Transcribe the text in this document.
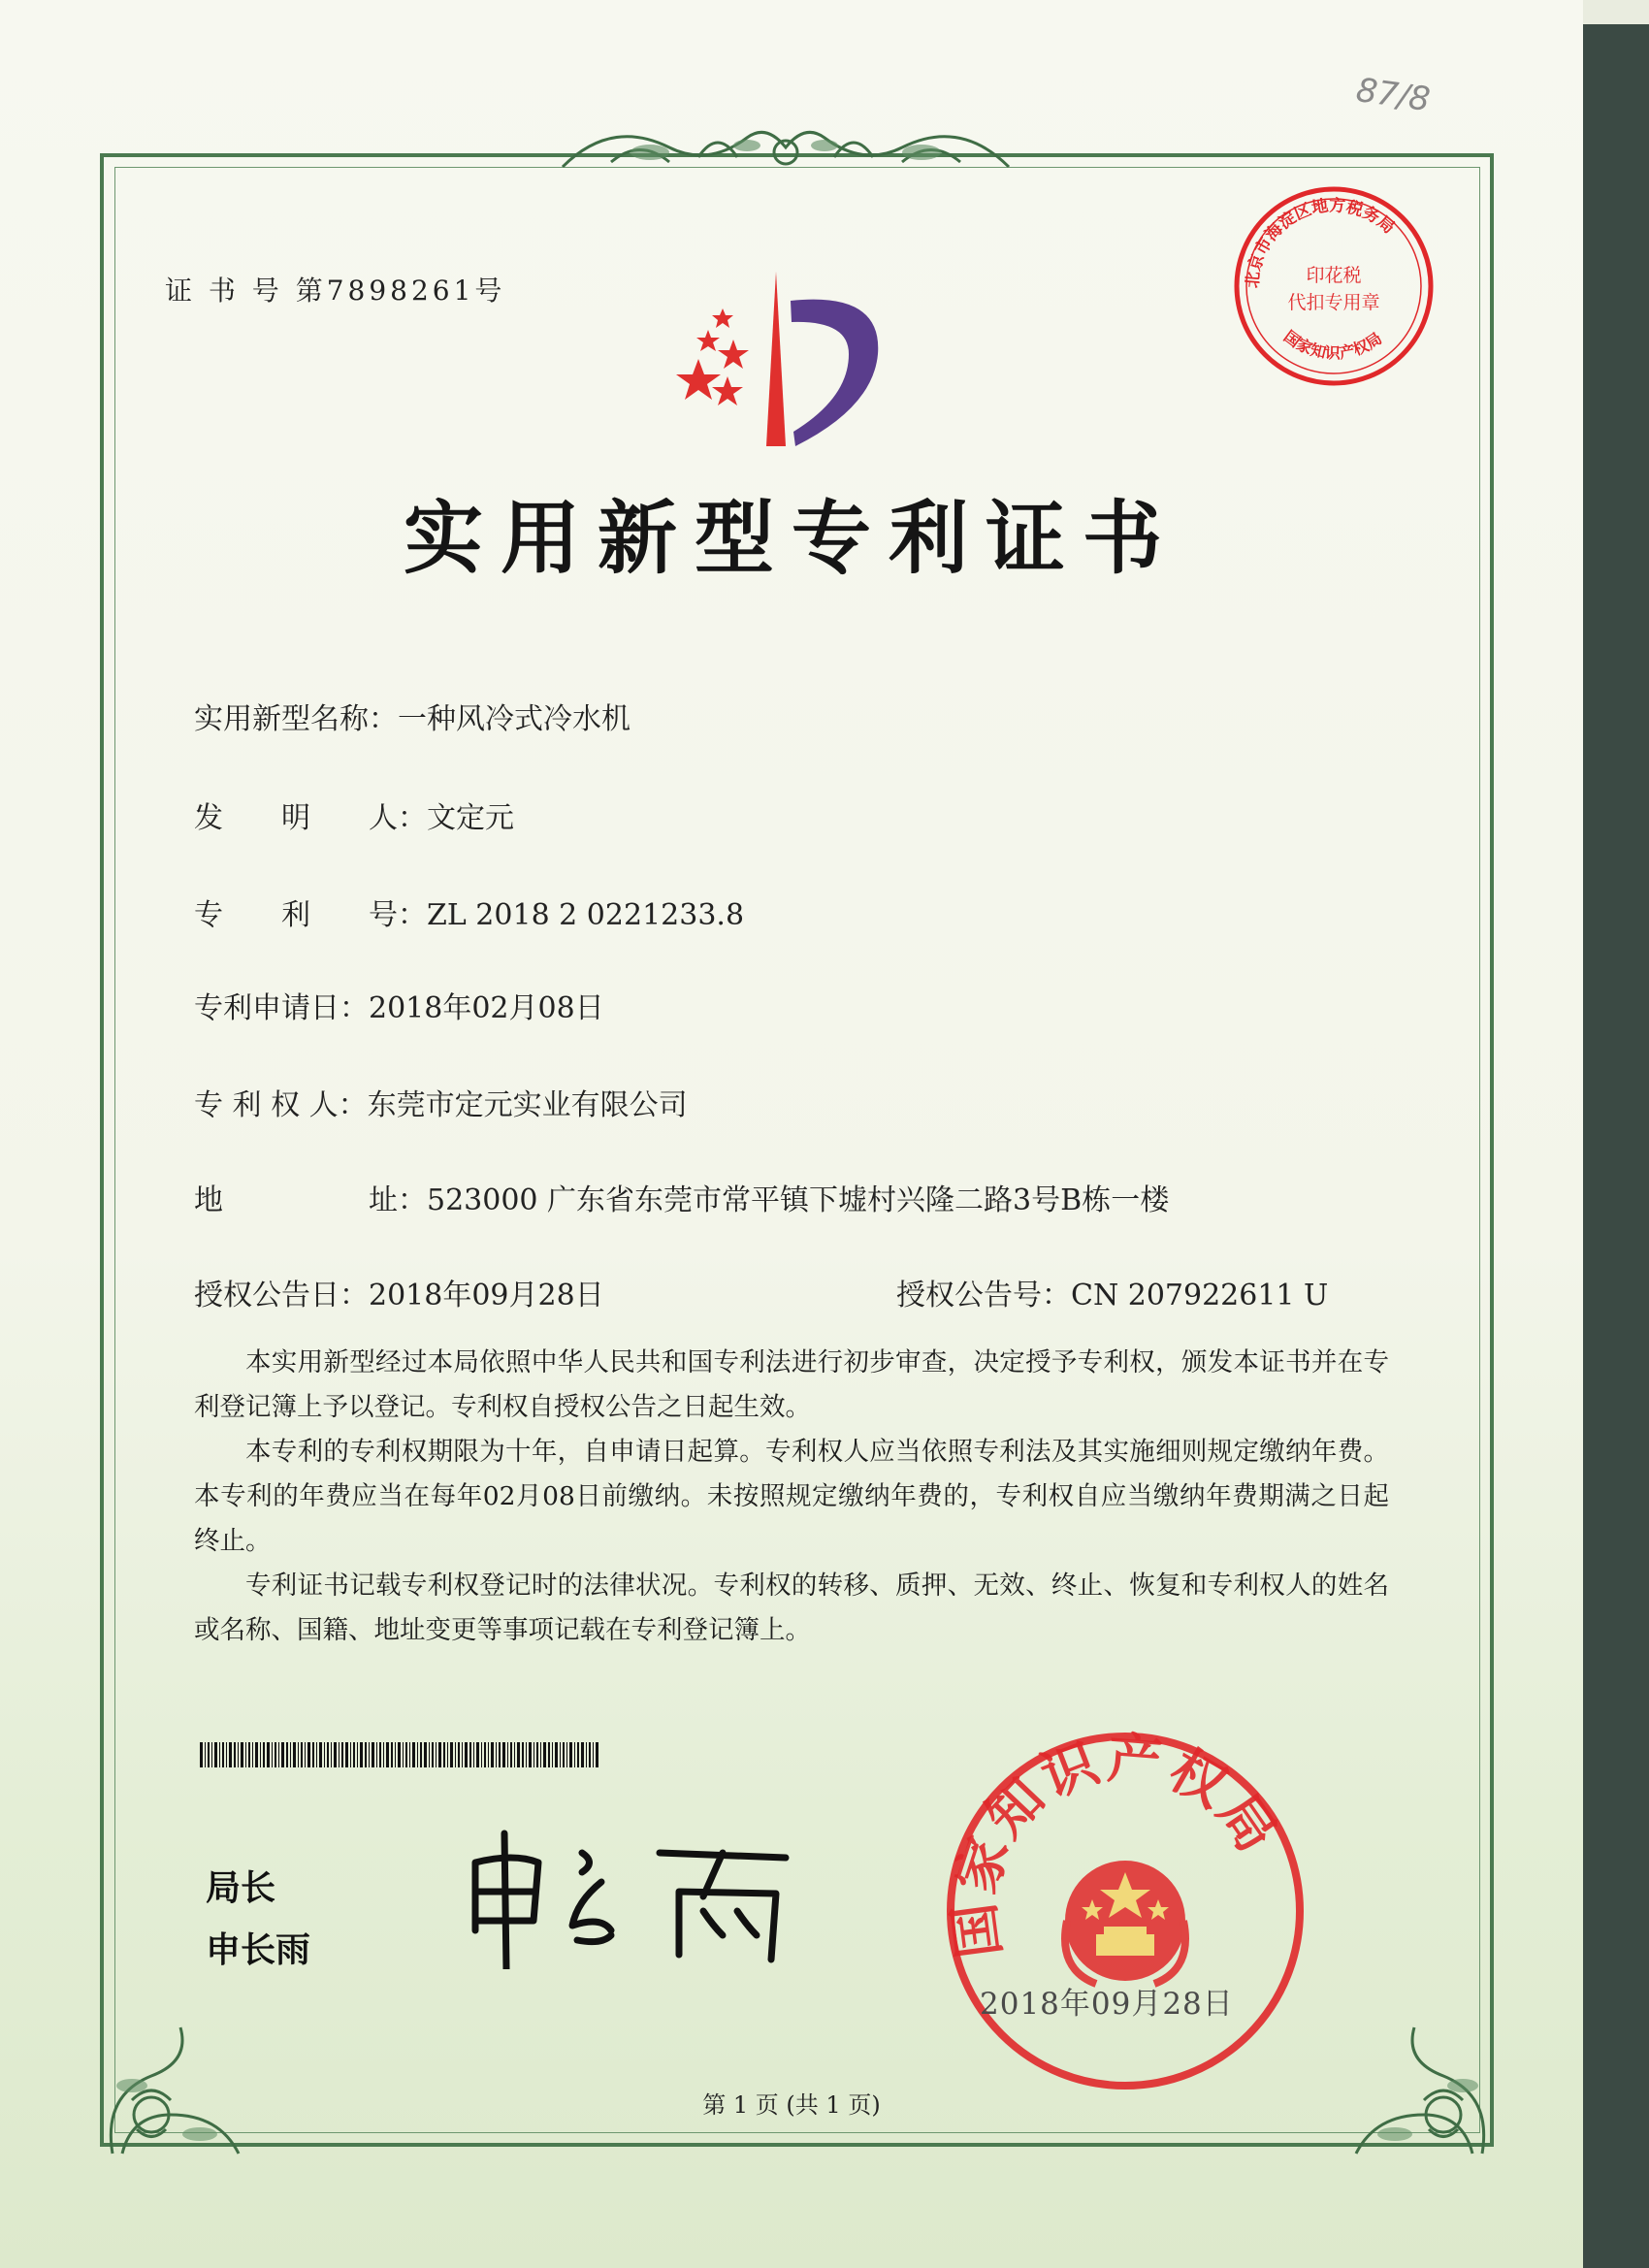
87/8
证 书 号 第7898261号	北京市海淀区地方税务局
国家知识产权局
印花税
代扣专用章
实用新型专利证书
实用新型名称：一种风冷式冷水机
发　　明　　人：文定元
专　　利　　号：ZL 2018 2 0221233.8
专利申请日：2018年02月08日
专 利 权 人：东莞市定元实业有限公司
地　　　　　址：523000 广东省东莞市常平镇下墟村兴隆二路3号B栋一楼
授权公告日：2018年09月28日	授权公告号：CN 207922611 U

本实用新型经过本局依照中华人民共和国专利法进行初步审查，决定授予专利权，颁发本证书并在专利登记簿上予以登记。专利权自授权公告之日起生效。

本专利的专利权期限为十年，自申请日起算。专利权人应当依照专利法及其实施细则规定缴纳年费。本专利的年费应当在每年02月08日前缴纳。未按照规定缴纳年费的，专利权自应当缴纳年费期满之日起终止。

专利证书记载专利权登记时的法律状况。专利权的转移、质押、无效、终止、恢复和专利权人的姓名或名称、国籍、地址变更等事项记载在专利登记簿上。

局长
申长雨	国家知识产权局
2018年09月28日
第 1 页 (共 1 页)
